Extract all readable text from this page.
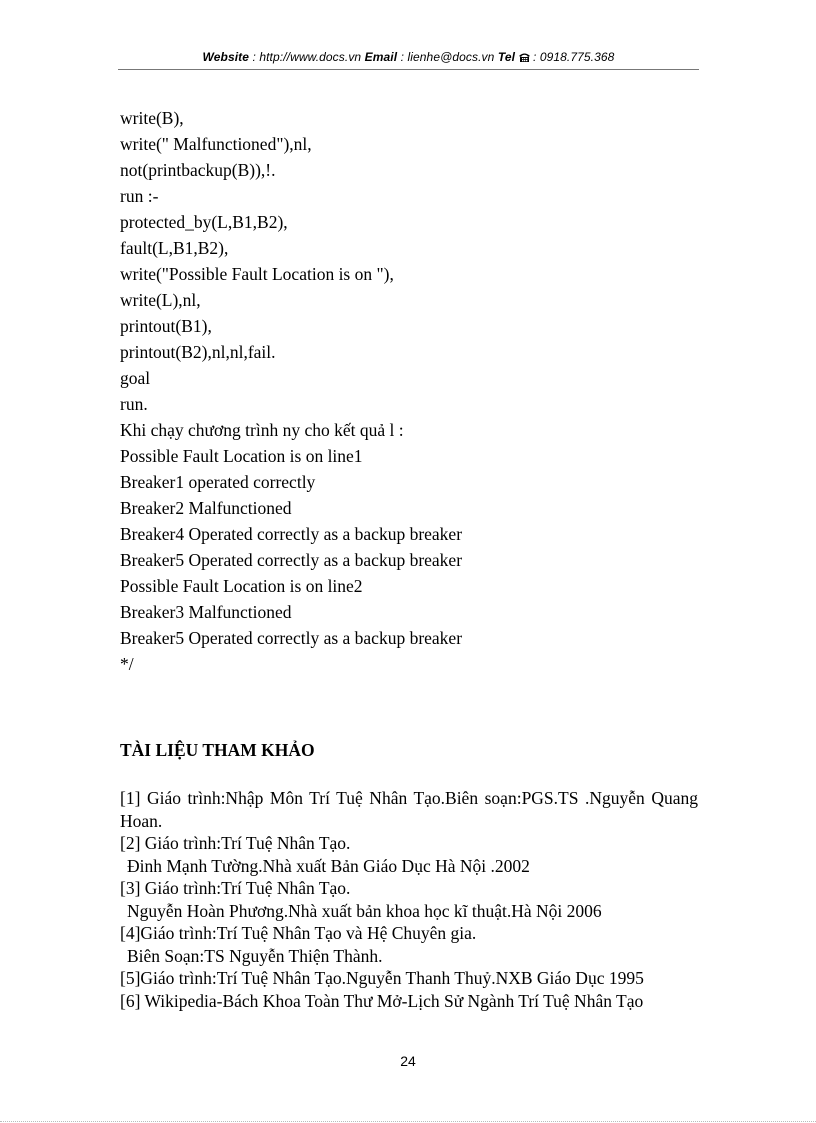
Website : http://www.docs.vn Email : lienhe@docs.vn Tel : 0918.775.368
write(B),
write(" Malfunctioned"),nl,
not(printbackup(B)),!.
run :-
protected_by(L,B1,B2),
fault(L,B1,B2),
write("Possible Fault Location is on "),
write(L),nl,
printout(B1),
printout(B2),nl,nl,fail.
goal
run.
Khi chạy chương trình ny cho kết quả l :
Possible Fault Location is on line1
Breaker1 operated correctly
Breaker2 Malfunctioned
Breaker4 Operated correctly as a backup breaker
Breaker5 Operated correctly as a backup breaker
Possible Fault Location is on line2
Breaker3 Malfunctioned
Breaker5 Operated correctly as a backup breaker
*/
TÀI LIỆU THAM KHẢO

[1] Giáo trình:Nhập Môn Trí Tuệ Nhân Tạo.Biên soạn:PGS.TS .Nguyễn Quang Hoan.

[2] Giáo trình:Trí Tuệ Nhân Tạo.

Đinh Mạnh Tường.Nhà xuất Bản Giáo Dục Hà Nội .2002

[3] Giáo trình:Trí Tuệ Nhân Tạo.

Nguyễn Hoàn Phương.Nhà xuất bản khoa học kĩ thuật.Hà Nội 2006

[4]Giáo trình:Trí Tuệ Nhân Tạo và Hệ Chuyên gia.

Biên Soạn:TS Nguyễn Thiện Thành.

[5]Giáo trình:Trí Tuệ Nhân Tạo.Nguyễn Thanh Thuỷ.NXB Giáo Dục 1995

[6] Wikipedia-Bách Khoa Toàn Thư Mở-Lịch Sử Ngành Trí Tuệ Nhân Tạo

24
